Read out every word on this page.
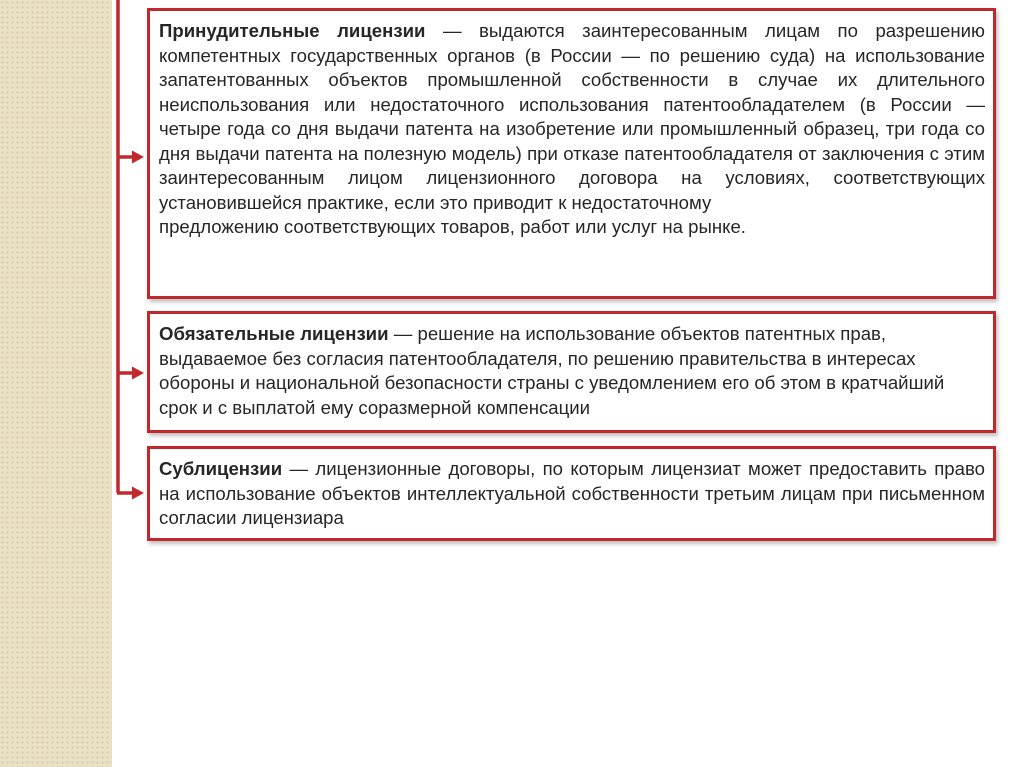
Принудительные лицензии — выдаются заинтересованным лицам по разрешению компетентных государственных органов (в России — по решению суда) на использование запатентованных объектов промышленной собственности в случае их длительного неиспользования или недостаточного использования патентообладателем (в России — четыре года со дня выдачи патента на изобретение или промышленный образец, три года со дня выдачи патента на полезную модель) при отказе патентообладателя от заключения с этим заинтересованным лицом лицензионного договора на условиях, соответствующих установившейся практике, если это приводит к недостаточному
предложению соответствующих товаров, работ или услуг на рынке.
Обязательные лицензии — решение на использование объектов патентных прав, выдаваемое без согласия патентообладателя, по решению правительства в интересах обороны и национальной безопасности страны с уведомлением его об этом в кратчайший срок и с выплатой ему соразмерной компенсации
Сублицензии — лицензионные договоры, по которым лицензиат может предоставить право на использование объектов интеллектуальной собственности третьим лицам при письменном согласии лицензиара
